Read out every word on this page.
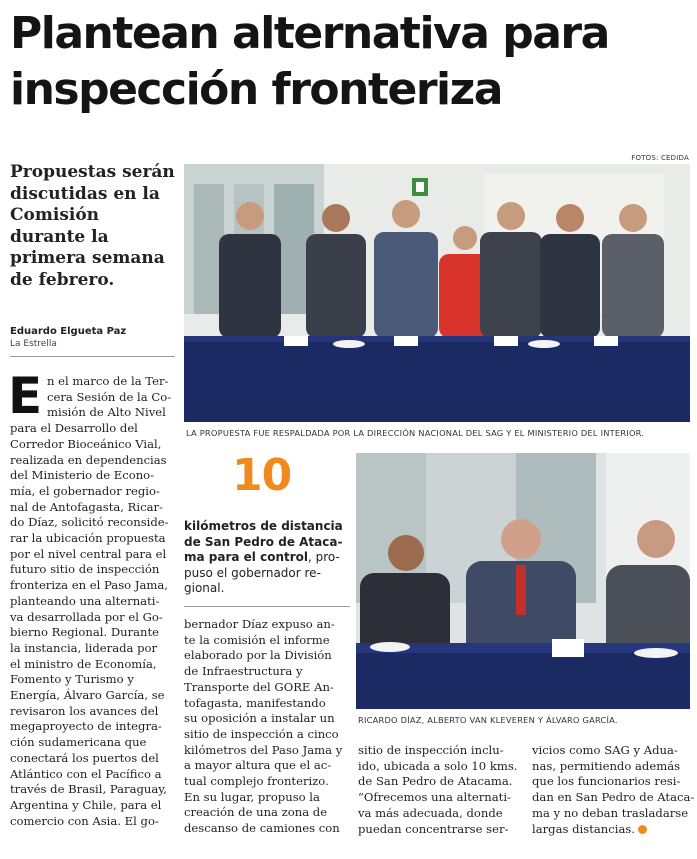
Plantean alternativa para
inspección fronteriza
FOTOS: CEDIDA
Propuestas serán
discutidas en la
Comisión
durante la
primera semana
de febrero.
Eduardo Elgueta Paz
La Estrella
LA PROPUESTA FUE RESPALDADA POR LA DIRECCIÓN NACIONAL DEL SAG Y EL MINISTERIO DEL INTERIOR.
RICARDO DÍAZ, ALBERTO VAN KLEVEREN Y ÁLVARO GARCÍA.
10
kilómetros de distancia
de San Pedro de Ataca-
ma para el control, pro-
puso el gobernador re-
gional.
E n el marco de la Ter-
cera Sesión de la Co-
misión de Alto Nivel
para el Desarrollo del
Corredor Bioceánico Vial,
realizada en dependencias
del Ministerio de Econo-
mía, el gobernador regio-
nal de Antofagasta, Ricar-
do Díaz, solicitó reconside-
rar la ubicación propuesta
por el nivel central para el
futuro sitio de inspección
fronteriza en el Paso Jama,
planteando una alternati-
va desarrollada por el Go-
bierno Regional. Durante
la instancia, liderada por
el ministro de Economía,
Fomento y Turismo y
Energía, Álvaro García, se
revisaron los avances del
megaproyecto de integra-
ción sudamericana que
conectará los puertos del
Atlántico con el Pacífico a
través de Brasil, Paraguay,
Argentina y Chile, para el
comercio con Asia. El go-
bernador Díaz expuso an-
te la comisión el informe
elaborado por la División
de Infraestructura y
Transporte del GORE An-
tofagasta, manifestando
su oposición a instalar un
sitio de inspección a cinco
kilómetros del Paso Jama y
a mayor altura que el ac-
tual complejo fronterizo.
En su lugar, propuso la
creación de una zona de
descanso de camiones con
sitio de inspección inclu-
ido, ubicada a solo 10 kms.
de San Pedro de Atacama.
“Ofrecemos una alternati-
va más adecuada, donde
puedan concentrarse ser-
vicios como SAG y Adua-
nas, permitiendo además
que los funcionarios resi-
dan en San Pedro de Ataca-
ma y no deban trasladarse
largas distancias.
